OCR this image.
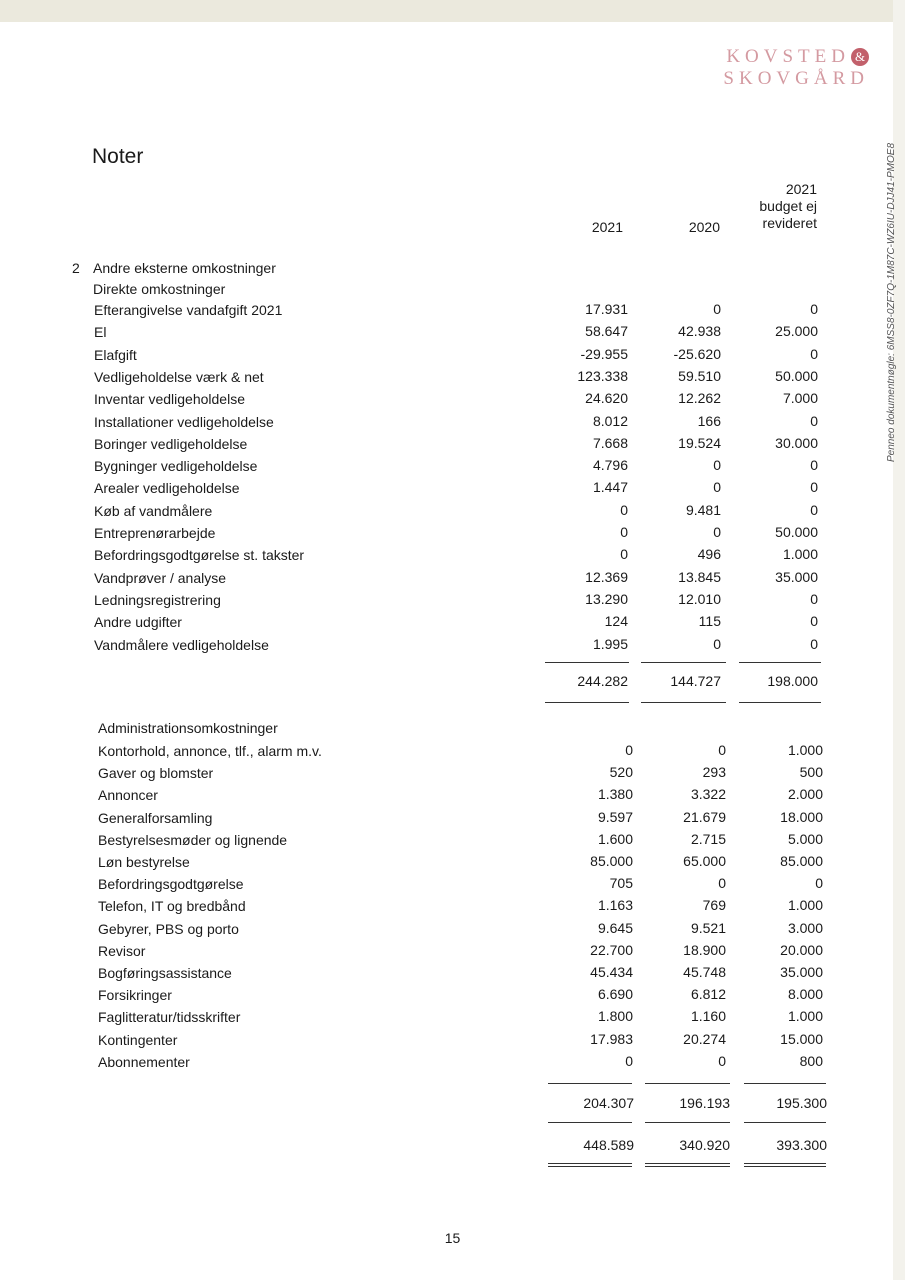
KOVSTED &
SKOVGÅRD
Noter
2021	2020
2021
budget ej
revideret
2 Andre eksterne omkostninger
Direkte omkostninger
Efterangivelse vandafgift 2021	17.931	0	0
El	58.647	42.938	25.000
Elafgift	-29.955	-25.620	0
Vedligeholdelse værk & net	123.338	59.510	50.000
Inventar vedligeholdelse	24.620	12.262	7.000
Installationer vedligeholdelse	8.012	166	0
Boringer vedligeholdelse	7.668	19.524	30.000
Bygninger vedligeholdelse	4.796	0	0
Arealer vedligeholdelse	1.447	0	0
Køb af vandmålere	0	9.481	0
Entreprenørarbejde	0	0	50.000
Befordringsgodtgørelse st. takster	0	496	1.000
Vandprøver / analyse	12.369	13.845	35.000
Ledningsregistrering	13.290	12.010	0
Andre udgifter	124	115	0
Vandmålere vedligeholdelse	1.995	0	0
244.282	144.727	198.000
Administrationsomkostninger
Kontorhold, annonce, tlf., alarm m.v.	0	0	1.000
Gaver og blomster	520	293	500
Annoncer	1.380	3.322	2.000
Generalforsamling	9.597	21.679	18.000
Bestyrelsesmøder og lignende	1.600	2.715	5.000
Løn bestyrelse	85.000	65.000	85.000
Befordringsgodtgørelse	705	0	0
Telefon, IT og bredbånd	1.163	769	1.000
Gebyrer, PBS og porto	9.645	9.521	3.000
Revisor	22.700	18.900	20.000
Bogføringsassistance	45.434	45.748	35.000
Forsikringer	6.690	6.812	8.000
Faglitteratur/tidsskrifter	1.800	1.160	1.000
Kontingenter	17.983	20.274	15.000
Abonnementer	0	0	800
204.307	196.193	195.300
448.589	340.920	393.300
Penneo dokumentnøgle: 6MSS8-0ZF7Q-1M87C-WZ6IU-DJJ41-PMOE8
15
